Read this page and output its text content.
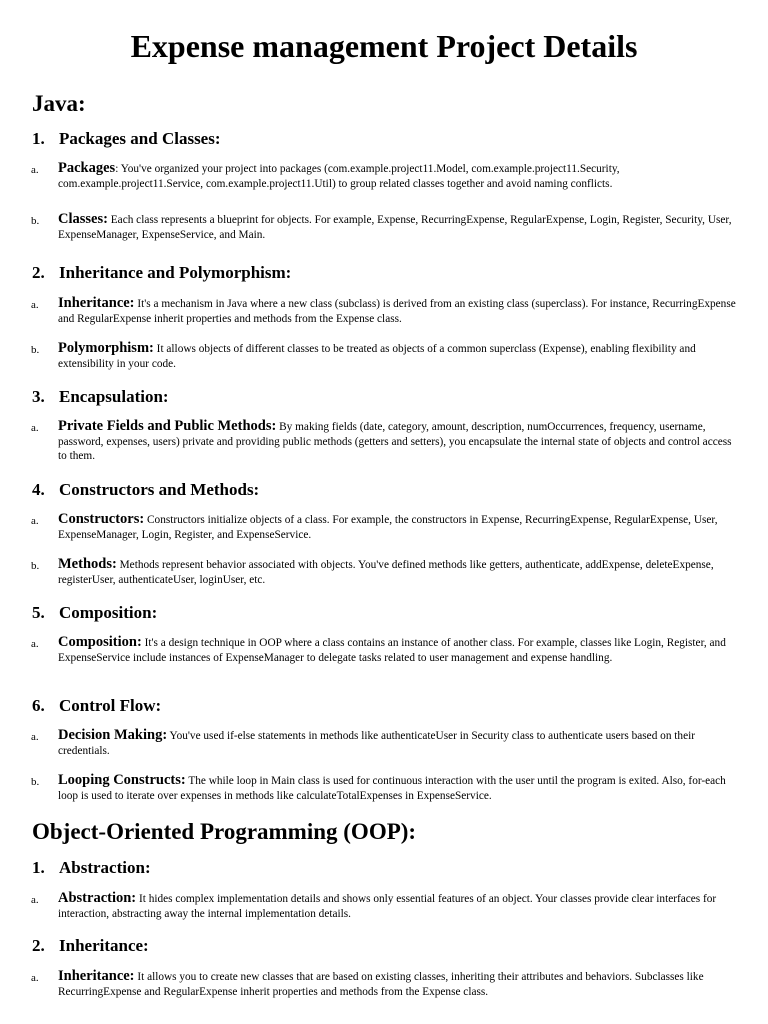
Expense management Project Details
Java:
1. Packages and Classes:
a. Packages: You've organized your project into packages (com.example.project11.Model, com.example.project11.Security, com.example.project11.Service, com.example.project11.Util) to group related classes together and avoid naming conflicts.
b. Classes: Each class represents a blueprint for objects. For example, Expense, RecurringExpense, RegularExpense, Login, Register, Security, User, ExpenseManager, ExpenseService, and Main.
2. Inheritance and Polymorphism:
a. Inheritance: It's a mechanism in Java where a new class (subclass) is derived from an existing class (superclass). For instance, RecurringExpense and RegularExpense inherit properties and methods from the Expense class.
b. Polymorphism: It allows objects of different classes to be treated as objects of a common superclass (Expense), enabling flexibility and extensibility in your code.
3. Encapsulation:
a. Private Fields and Public Methods: By making fields (date, category, amount, description, numOccurrences, frequency, username, password, expenses, users) private and providing public methods (getters and setters), you encapsulate the internal state of objects and control access to them.
4. Constructors and Methods:
a. Constructors: Constructors initialize objects of a class. For example, the constructors in Expense, RecurringExpense, RegularExpense, User, ExpenseManager, Login, Register, and ExpenseService.
b. Methods: Methods represent behavior associated with objects. You've defined methods like getters, authenticate, addExpense, deleteExpense, registerUser, authenticateUser, loginUser, etc.
5. Composition:
a. Composition: It's a design technique in OOP where a class contains an instance of another class. For example, classes like Login, Register, and ExpenseService include instances of ExpenseManager to delegate tasks related to user management and expense handling.
6. Control Flow:
a. Decision Making: You've used if-else statements in methods like authenticateUser in Security class to authenticate users based on their credentials.
b. Looping Constructs: The while loop in Main class is used for continuous interaction with the user until the program is exited. Also, for-each loop is used to iterate over expenses in methods like calculateTotalExpenses in ExpenseService.
Object-Oriented Programming (OOP):
1. Abstraction:
a. Abstraction: It hides complex implementation details and shows only essential features of an object. Your classes provide clear interfaces for interaction, abstracting away the internal implementation details.
2. Inheritance:
a. Inheritance: It allows you to create new classes that are based on existing classes, inheriting their attributes and behaviors. Subclasses like RecurringExpense and RegularExpense inherit properties and methods from the Expense class.
